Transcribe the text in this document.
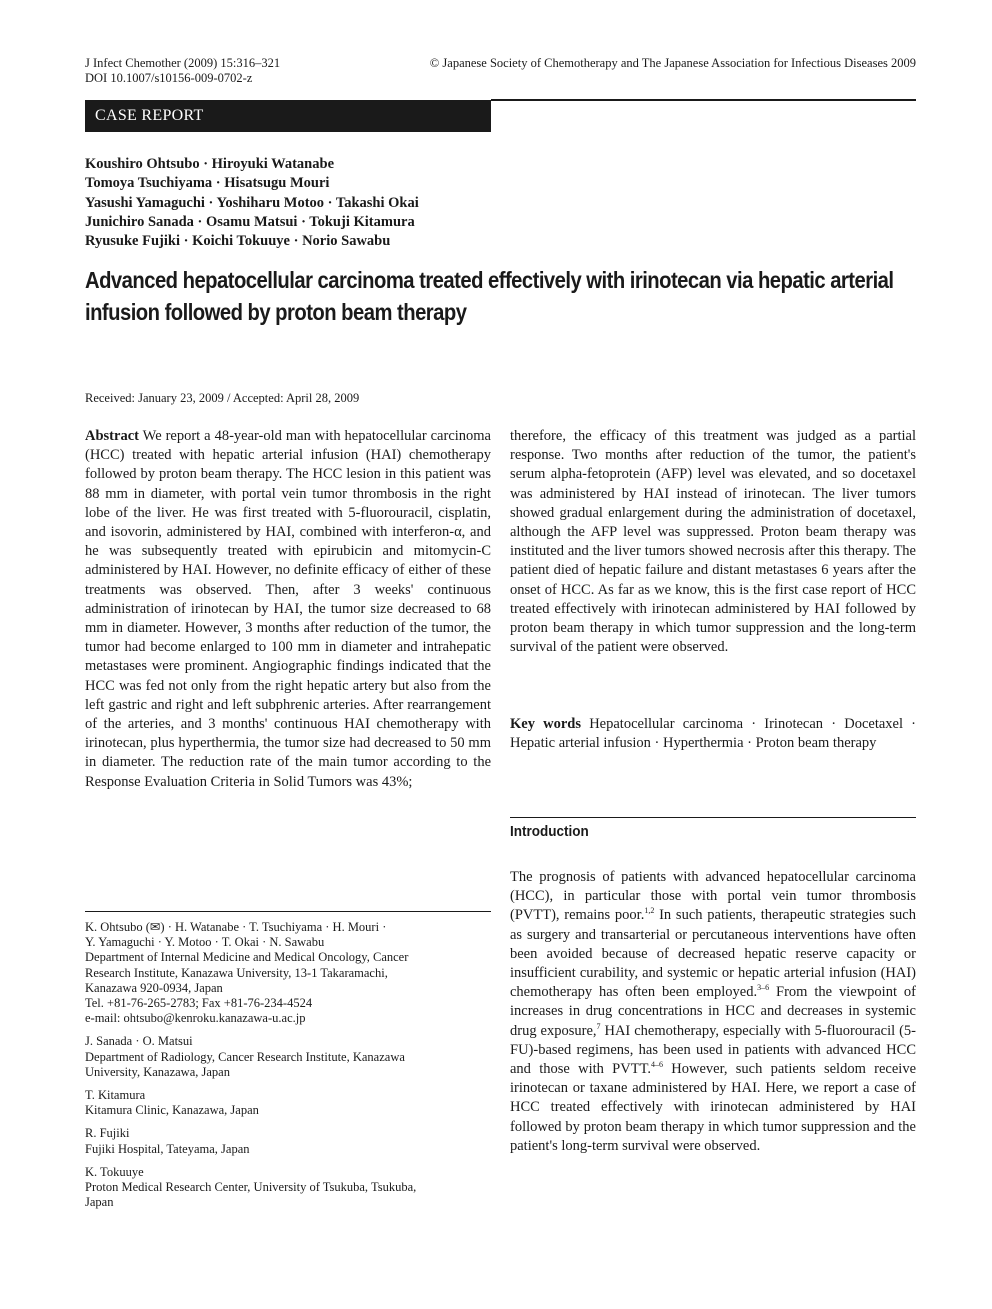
J Infect Chemother (2009) 15:316–321
DOI 10.1007/s10156-009-0702-z
© Japanese Society of Chemotherapy and The Japanese Association for Infectious Diseases 2009
CASE REPORT
Koushiro Ohtsubo · Hiroyuki Watanabe
Tomoya Tsuchiyama · Hisatsugu Mouri
Yasushi Yamaguchi · Yoshiharu Motoo · Takashi Okai
Junichiro Sanada · Osamu Matsui · Tokuji Kitamura
Ryusuke Fujiki · Koichi Tokuuye · Norio Sawabu
Advanced hepatocellular carcinoma treated effectively with irinotecan via hepatic arterial infusion followed by proton beam therapy
Received: January 23, 2009 / Accepted: April 28, 2009

Abstract We report a 48-year-old man with hepatocellular carcinoma (HCC) treated with hepatic arterial infusion (HAI) chemotherapy followed by proton beam therapy. The HCC lesion in this patient was 88 mm in diameter, with portal vein tumor thrombosis in the right lobe of the liver. He was first treated with 5-fluorouracil, cisplatin, and isovorin, administered by HAI, combined with interferon-α, and he was subsequently treated with epirubicin and mitomycin-C administered by HAI. However, no definite efficacy of either of these treatments was observed. Then, after 3 weeks' continuous administration of irinotecan by HAI, the tumor size decreased to 68 mm in diameter. However, 3 months after reduction of the tumor, the tumor had become enlarged to 100 mm in diameter and intrahepatic metastases were prominent. Angiographic findings indicated that the HCC was fed not only from the right hepatic artery but also from the left gastric and right and left subphrenic arteries. After rearrangement of the arteries, and 3 months' continuous HAI chemotherapy with irinotecan, plus hyperthermia, the tumor size had decreased to 50 mm in diameter. The reduction rate of the main tumor according to the Response Evaluation Criteria in Solid Tumors was 43%;

therefore, the efficacy of this treatment was judged as a partial response. Two months after reduction of the tumor, the patient's serum alpha-fetoprotein (AFP) level was elevated, and so docetaxel was administered by HAI instead of irinotecan. The liver tumors showed gradual enlargement during the administration of docetaxel, although the AFP level was suppressed. Proton beam therapy was instituted and the liver tumors showed necrosis after this therapy. The patient died of hepatic failure and distant metastases 6 years after the onset of HCC. As far as we know, this is the first case report of HCC treated effectively with irinotecan administered by HAI followed by proton beam therapy in which tumor suppression and the long-term survival of the patient were observed.

Key words Hepatocellular carcinoma · Irinotecan · Docetaxel · Hepatic arterial infusion · Hyperthermia · Proton beam therapy

Introduction

The prognosis of patients with advanced hepatocellular carcinoma (HCC), in particular those with portal vein tumor thrombosis (PVTT), remains poor.$^{1,2}$ In such patients, therapeutic strategies such as surgery and transarterial or percutaneous interventions have often been avoided because of decreased hepatic reserve capacity or insufficient curability, and systemic or hepatic arterial infusion (HAI) chemotherapy has often been employed.$^{3-6}$ From the viewpoint of increases in drug concentrations in HCC and decreases in systemic drug exposure,$^7$ HAI chemotherapy, especially with 5-fluorouracil (5-FU)-based regimens, has been used in patients with advanced HCC and those with PVTT.$^{4-6}$ However, such patients seldom receive irinotecan or taxane administered by HAI. Here, we report a case of HCC treated effectively with irinotecan administered by HAI followed by proton beam therapy in which tumor suppression and the patient's long-term survival were observed.

K. Ohtsubo (✉) · H. Watanabe · T. Tsuchiyama · H. Mouri ·
Y. Yamaguchi · Y. Motoo · T. Okai · N. Sawabu
Department of Internal Medicine and Medical Oncology, Cancer
Research Institute, Kanazawa University, 13-1 Takaramachi,
Kanazawa 920-0934, Japan
Tel. +81-76-265-2783; Fax +81-76-234-4524
e-mail: ohtsubo@kenroku.kanazawa-u.ac.jp
J. Sanada · O. Matsui
Department of Radiology, Cancer Research Institute, Kanazawa
University, Kanazawa, Japan
T. Kitamura
Kitamura Clinic, Kanazawa, Japan
R. Fujiki
Fujiki Hospital, Tateyama, Japan
K. Tokuuye
Proton Medical Research Center, University of Tsukuba, Tsukuba,
Japan
